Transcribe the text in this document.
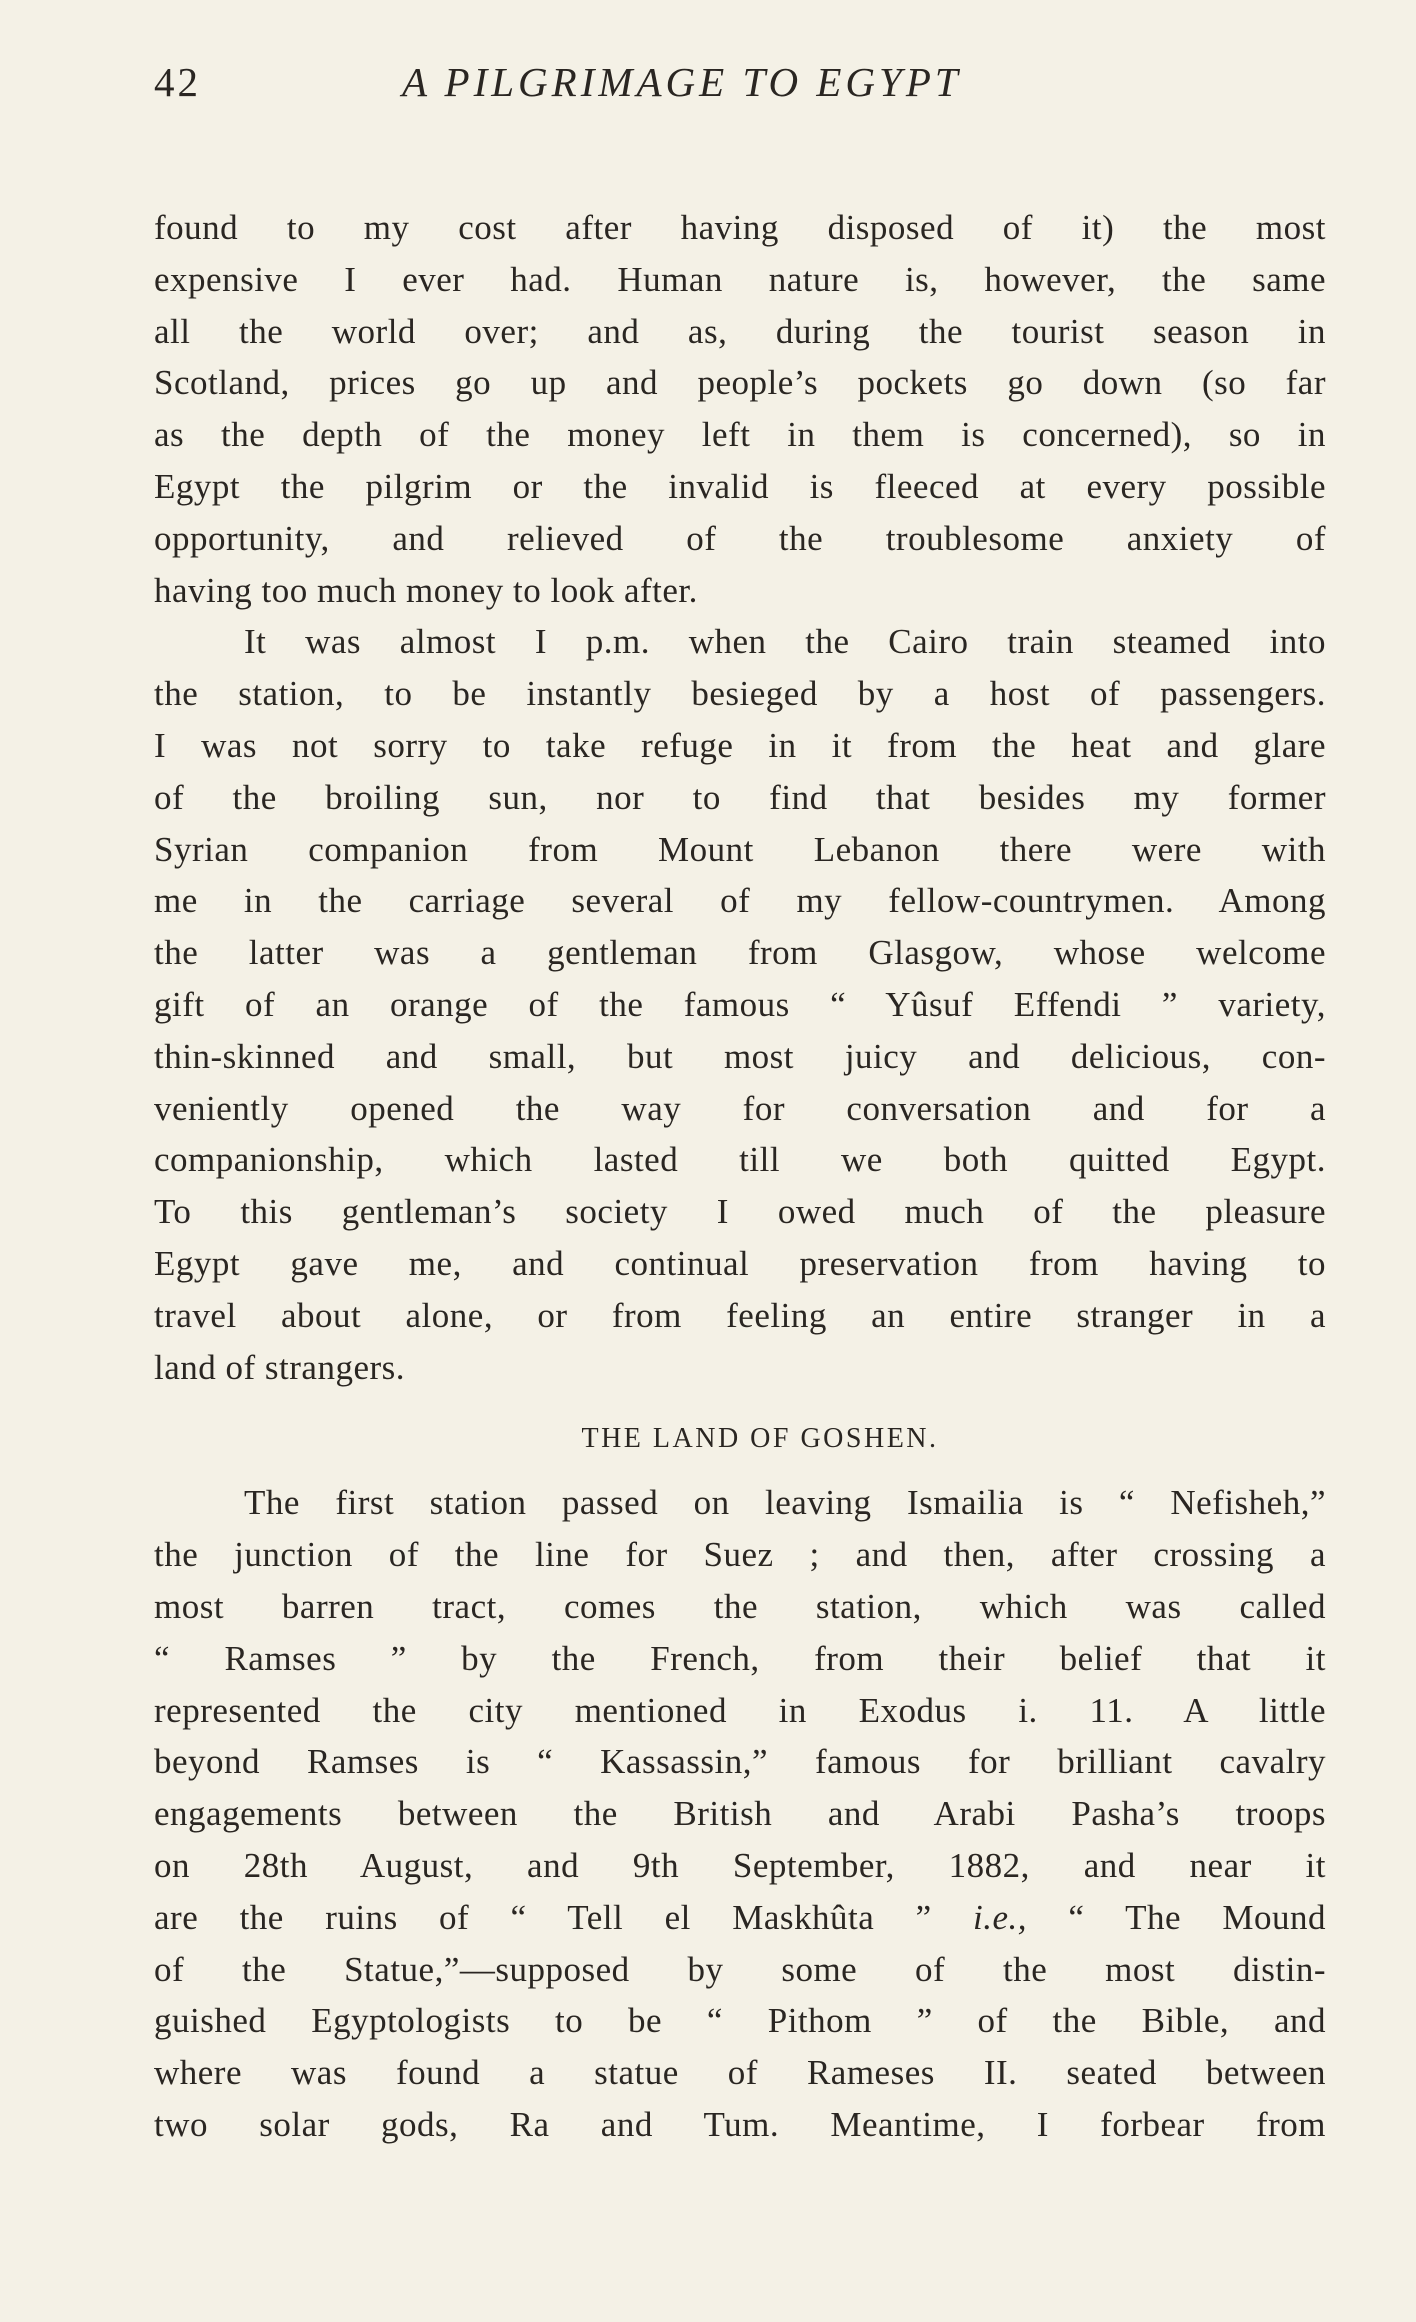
42	A PILGRIMAGE TO EGYPT
found to my cost after having disposed of it) the most
expensive I ever had. Human nature is, however, the same
all the world over; and as, during the tourist season in
Scotland, prices go up and people’s pockets go down (so far
as the depth of the money left in them is concerned), so in
Egypt the pilgrim or the invalid is fleeced at every possible
opportunity, and relieved of the troublesome anxiety of
having too much money to look after.
It was almost I p.m. when the Cairo train steamed into
the station, to be instantly besieged by a host of passengers.
I was not sorry to take refuge in it from the heat and glare
of the broiling sun, nor to find that besides my former
Syrian companion from Mount Lebanon there were with
me in the carriage several of my fellow-countrymen. Among
the latter was a gentleman from Glasgow, whose welcome
gift of an orange of the famous “ Yûsuf Effendi ” variety,
thin-skinned and small, but most juicy and delicious, con-
veniently opened the way for conversation and for a
companionship, which lasted till we both quitted Egypt.
To this gentleman’s society I owed much of the pleasure
Egypt gave me, and continual preservation from having to
travel about alone, or from feeling an entire stranger in a
land of strangers.
THE LAND OF GOSHEN.
The first station passed on leaving Ismailia is “ Nefisheh,”
the junction of the line for Suez ; and then, after crossing a
most barren tract, comes the station, which was called
“ Ramses ” by the French, from their belief that it
represented the city mentioned in Exodus i. 11. A little
beyond Ramses is “ Kassassin,” famous for brilliant cavalry
engagements between the British and Arabi Pasha’s troops
on 28th August, and 9th September, 1882, and near it
are the ruins of “ Tell el Maskhûta ” i.e., “ The Mound
of the Statue,”—supposed by some of the most distin-
guished Egyptologists to be “ Pithom ” of the Bible, and
where was found a statue of Rameses II. seated between
two solar gods, Ra and Tum. Meantime, I forbear from
